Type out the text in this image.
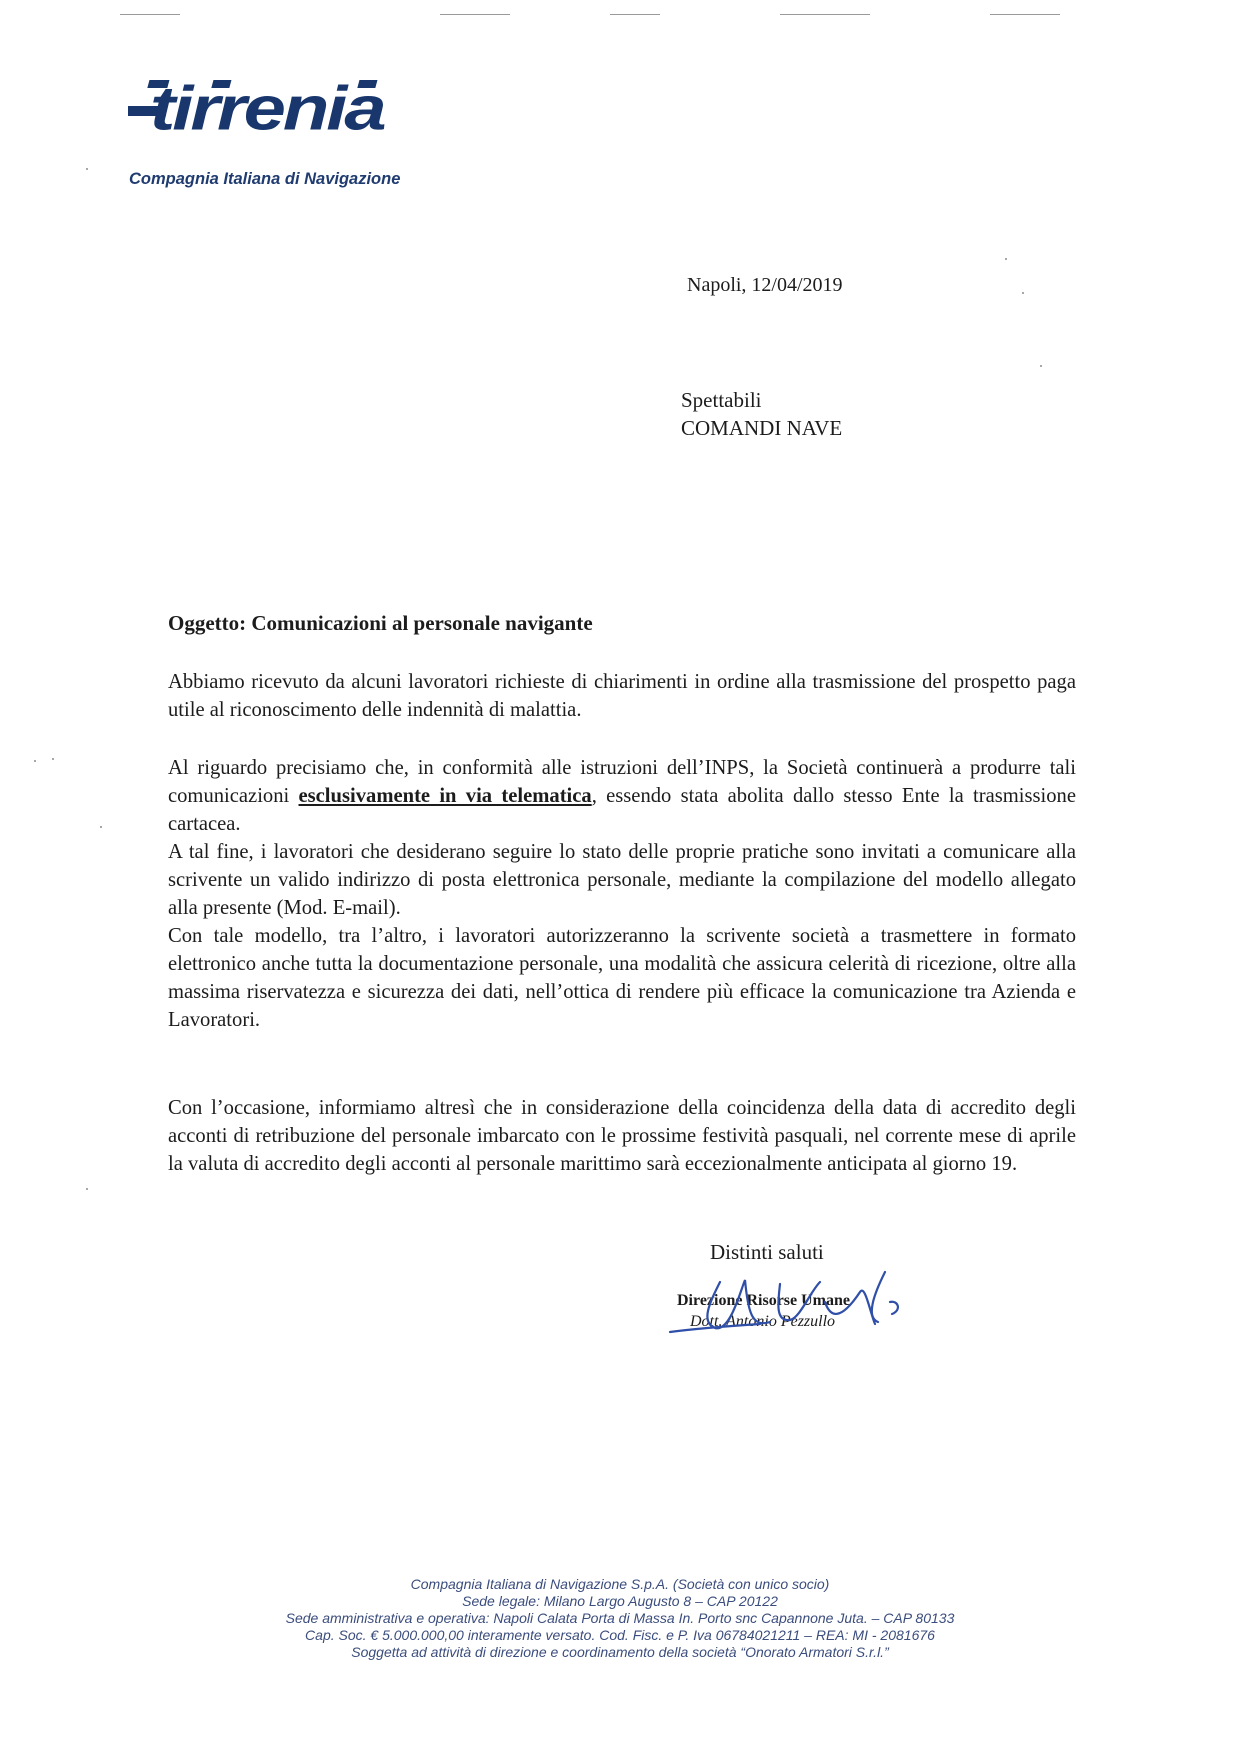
tirrenia
Compagnia Italiana di Navigazione
Napoli, 12/04/2019
Spettabili
COMANDI NAVE
Oggetto: Comunicazioni al personale navigante

Abbiamo ricevuto da alcuni lavoratori richieste di chiarimenti in ordine alla trasmissione del prospetto paga utile al riconoscimento delle indennità di malattia.

Al riguardo precisiamo che, in conformità alle istruzioni dell’INPS, la Società continuerà a produrre tali comunicazioni esclusivamente in via telematica, essendo stata abolita dallo stesso Ente la trasmissione cartacea.

A tal fine, i lavoratori che desiderano seguire lo stato delle proprie pratiche sono invitati a comunicare alla scrivente un valido indirizzo di posta elettronica personale, mediante la compilazione del modello allegato alla presente (Mod. E-mail).

Con tale modello, tra l’altro, i lavoratori autorizzeranno la scrivente società a trasmettere in formato elettronico anche tutta la documentazione personale, una modalità che assicura celerità di ricezione, oltre alla massima riservatezza e sicurezza dei dati, nell’ottica di rendere più efficace la comunicazione tra Azienda e Lavoratori.

Con l’occasione, informiamo altresì che in considerazione della coincidenza della data di accredito degli acconti di retribuzione del personale imbarcato con le prossime festività pasquali, nel corrente mese di aprile la valuta di accredito degli acconti al personale marittimo sarà eccezionalmente anticipata al giorno 19.

Distinti saluti
Direzione Risorse Umane
Dott. Antonio Pezzullo
Compagnia Italiana di Navigazione S.p.A. (Società con unico socio)
Sede legale: Milano Largo Augusto 8 – CAP 20122
Sede amministrativa e operativa: Napoli Calata Porta di Massa In. Porto snc Capannone Juta. – CAP 80133
Cap. Soc. € 5.000.000,00 interamente versato. Cod. Fisc. e P. Iva 06784021211 – REA: MI - 2081676
Soggetta ad attività di direzione e coordinamento della società “Onorato Armatori S.r.l.”
